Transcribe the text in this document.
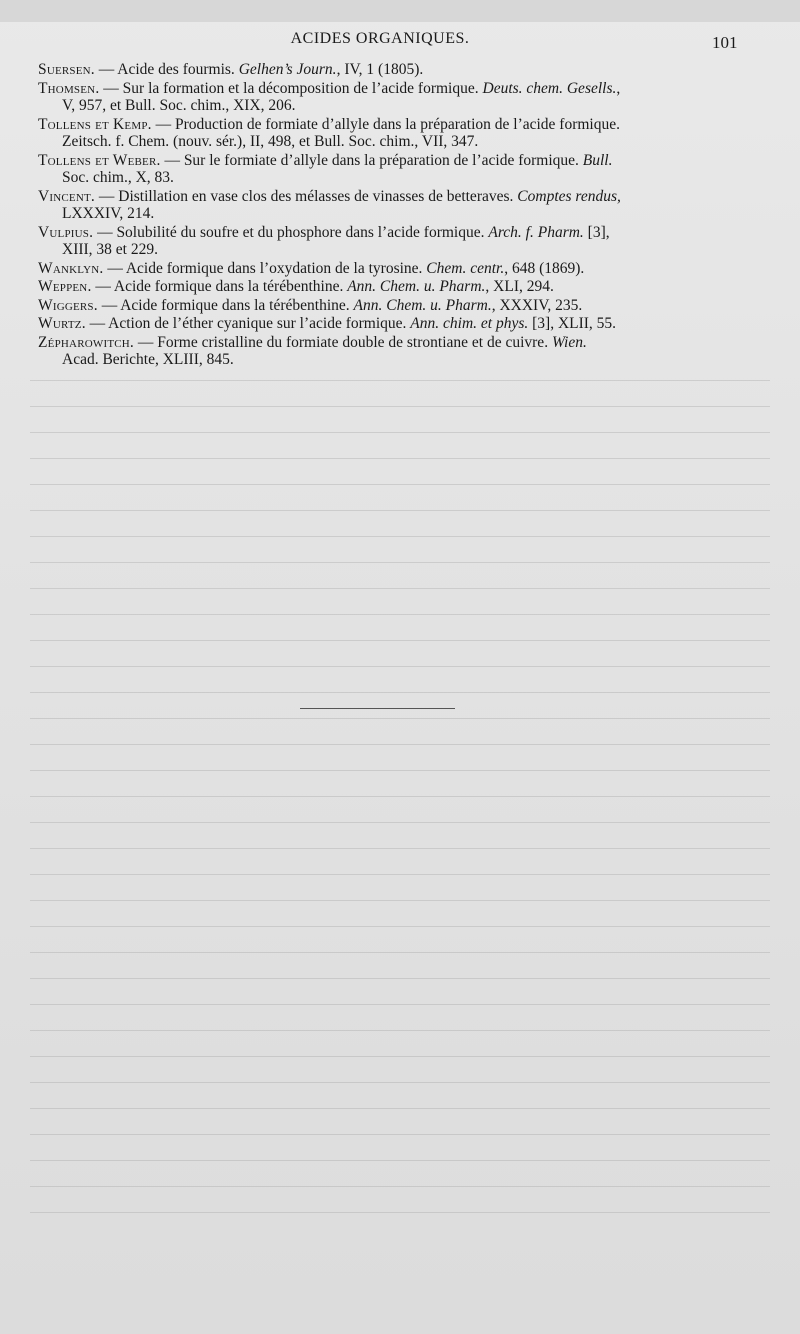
ACIDES ORGANIQUES.	101

Suersen. — Acide des fourmis. Gelhen’s Journ., IV, 1 (1805).

Thomsen. — Sur la formation et la décomposition de l’acide formique. Deuts. chem. Gesells.,
V, 957, et Bull. Soc. chim., XIX, 206.

Tollens et Kemp. — Production de formiate d’allyle dans la préparation de l’acide formique.
Zeitsch. f. Chem. (nouv. sér.), II, 498, et Bull. Soc. chim., VII, 347.

Tollens et Weber. — Sur le formiate d’allyle dans la préparation de l’acide formique. Bull.
Soc. chim., X, 83.

Vincent. — Distillation en vase clos des mélasses de vinasses de betteraves. Comptes rendus,
LXXXIV, 214.

Vulpius. — Solubilité du soufre et du phosphore dans l’acide formique. Arch. f. Pharm. [3],
XIII, 38 et 229.

Wanklyn. — Acide formique dans l’oxydation de la tyrosine. Chem. centr., 648 (1869).

Weppen. — Acide formique dans la térébenthine. Ann. Chem. u. Pharm., XLI, 294.

Wiggers. — Acide formique dans la térébenthine. Ann. Chem. u. Pharm., XXXIV, 235.

Wurtz. — Action de l’éther cyanique sur l’acide formique. Ann. chim. et phys. [3], XLII, 55.

Zépharowitch. — Forme cristalline du formiate double de strontiane et de cuivre. Wien.
Acad. Berichte, XLIII, 845.
